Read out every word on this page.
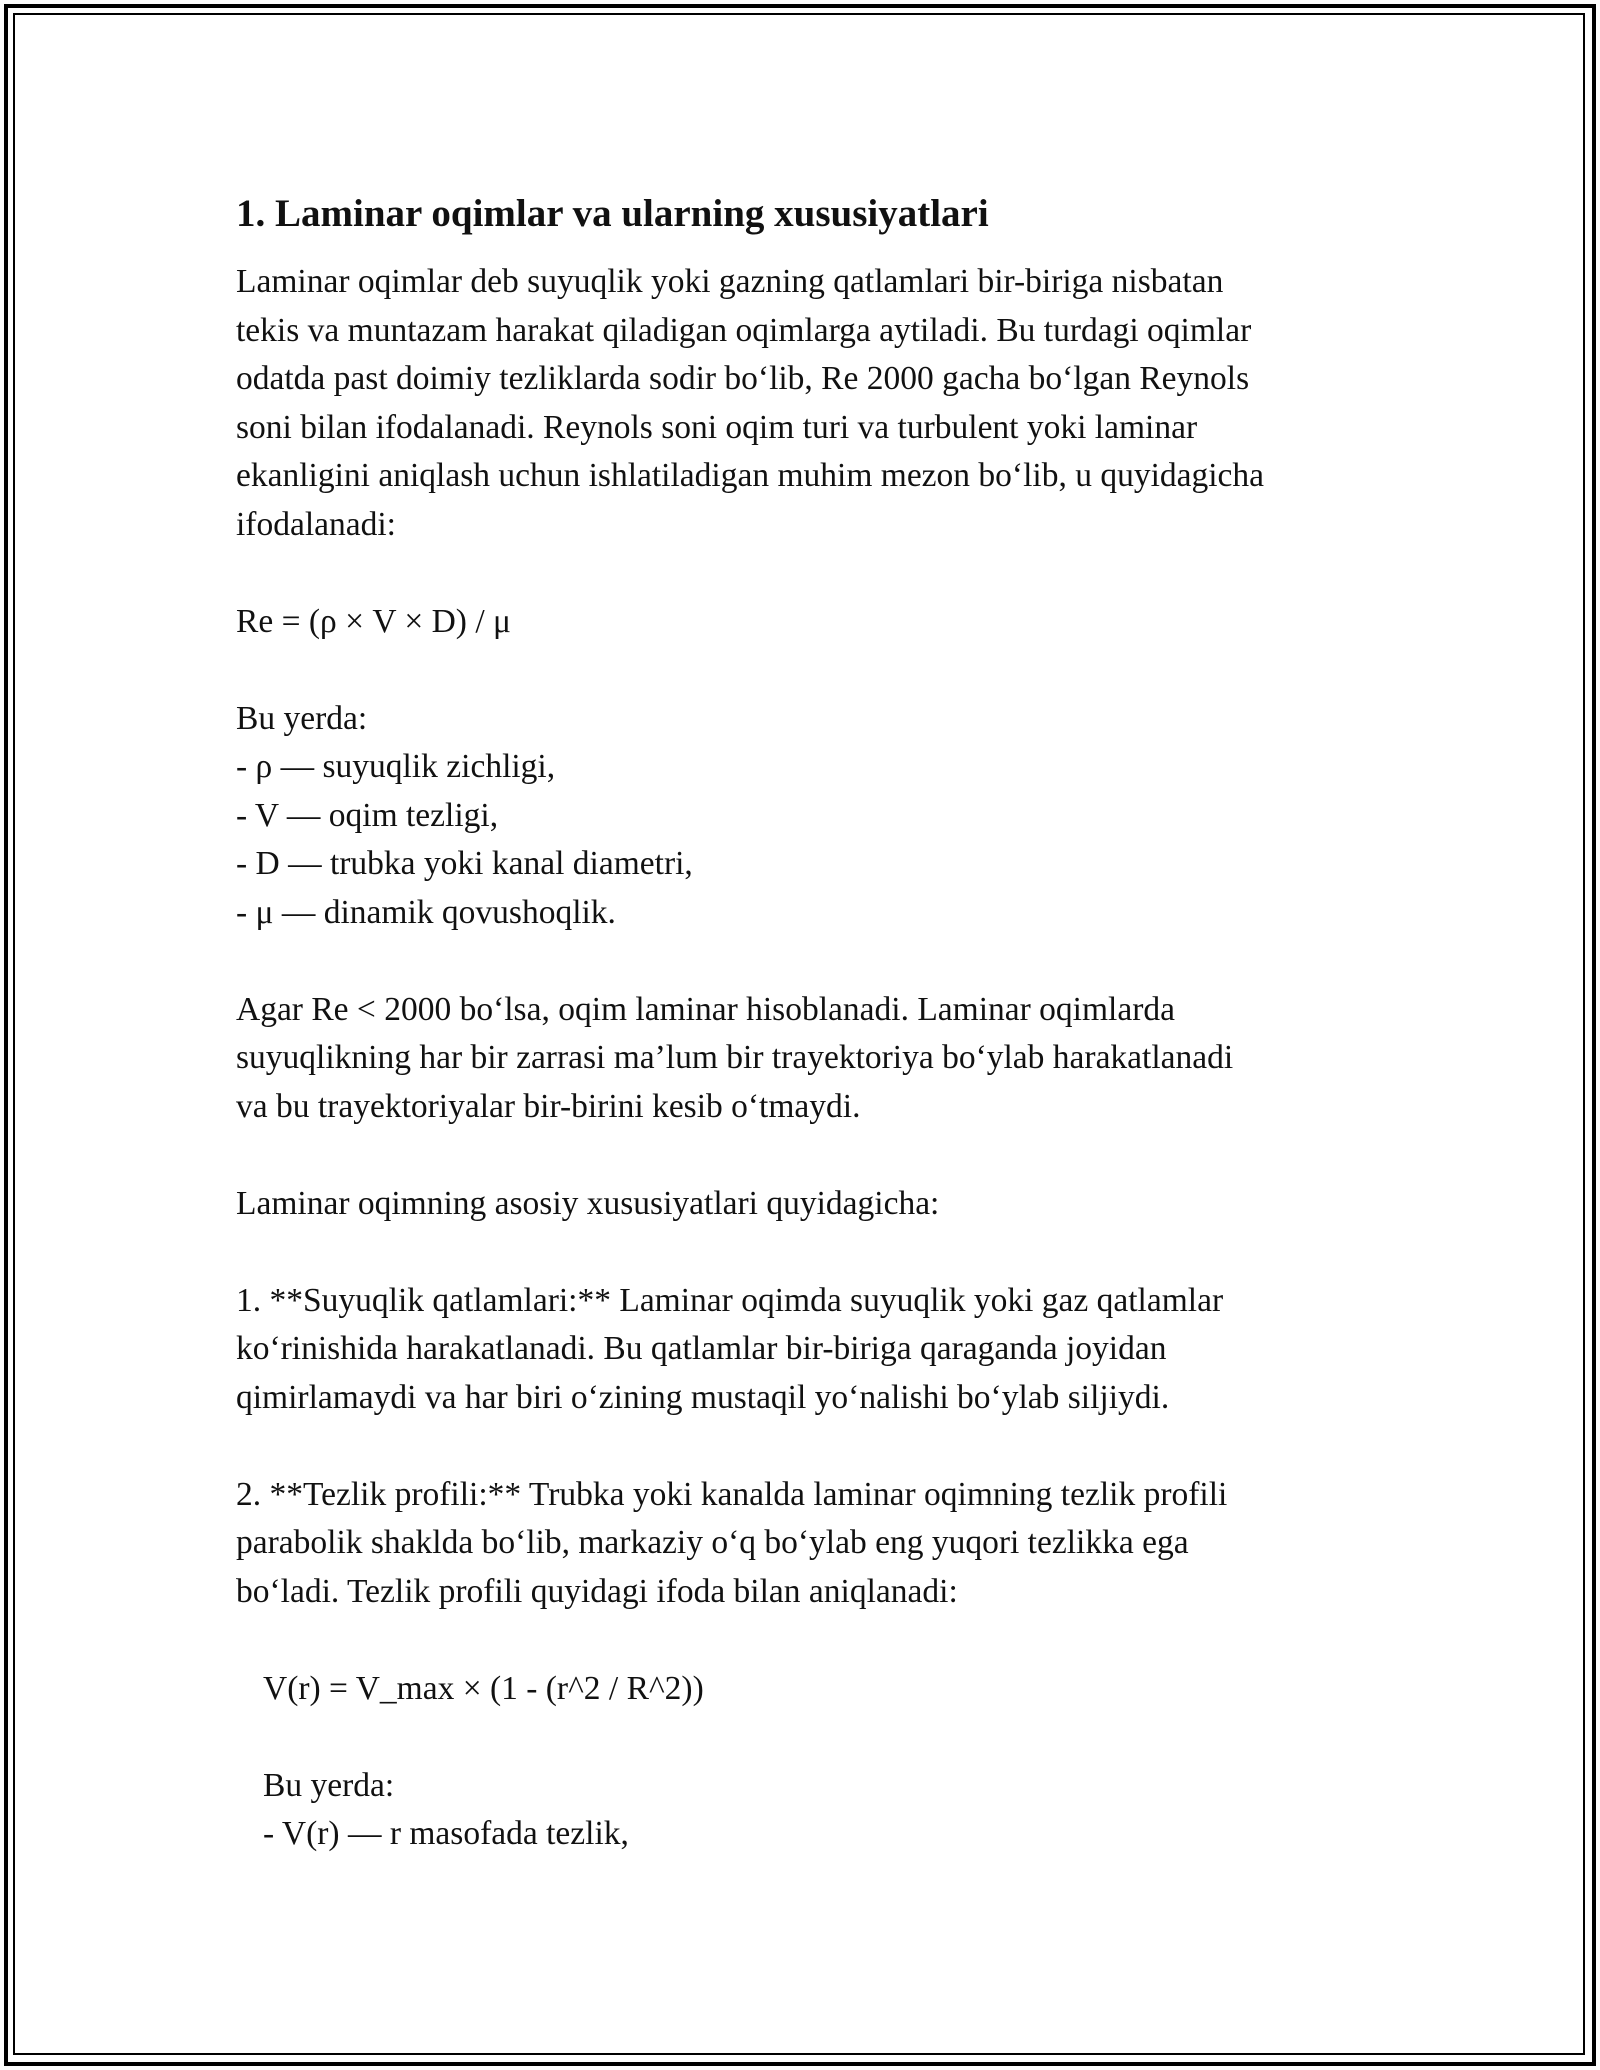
1. Laminar oqimlar va ularning xususiyatlari
Laminar oqimlar deb suyuqlik yoki gazning qatlamlari bir-biriga nisbatan
tekis va muntazam harakat qiladigan oqimlarga aytiladi. Bu turdagi oqimlar
odatda past doimiy tezliklarda sodir bo‘lib, Re 2000 gacha bo‘lgan Reynols
soni bilan ifodalanadi. Reynols soni oqim turi va turbulent yoki laminar
ekanligini aniqlash uchun ishlatiladigan muhim mezon bo‘lib, u quyidagicha
ifodalanadi:
Re = (ρ × V × D) / μ
Bu yerda:
- ρ — suyuqlik zichligi,
- V — oqim tezligi,
- D — trubka yoki kanal diametri,
- μ — dinamik qovushoqlik.
Agar Re < 2000 bo‘lsa, oqim laminar hisoblanadi. Laminar oqimlarda
suyuqlikning har bir zarrasi ma’lum bir trayektoriya bo‘ylab harakatlanadi
va bu trayektoriyalar bir-birini kesib o‘tmaydi.
Laminar oqimning asosiy xususiyatlari quyidagicha:
1. **Suyuqlik qatlamlari:** Laminar oqimda suyuqlik yoki gaz qatlamlar
ko‘rinishida harakatlanadi. Bu qatlamlar bir-biriga qaraganda joyidan
qimirlamaydi va har biri o‘zining mustaqil yo‘nalishi bo‘ylab siljiydi.
2. **Tezlik profili:** Trubka yoki kanalda laminar oqimning tezlik profili
parabolik shaklda bo‘lib, markaziy o‘q bo‘ylab eng yuqori tezlikka ega
bo‘ladi. Tezlik profili quyidagi ifoda bilan aniqlanadi:
V(r) = V_max × (1 - (r^2 / R^2))
Bu yerda:
- V(r) — r masofada tezlik,
